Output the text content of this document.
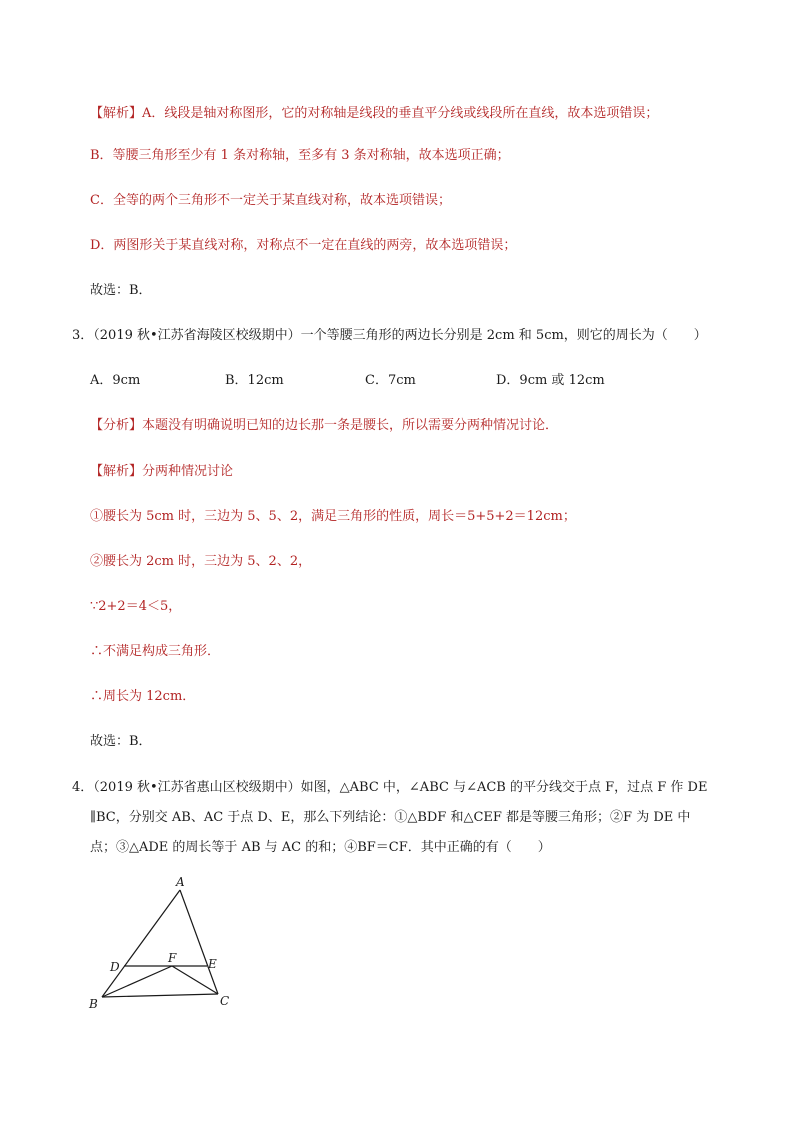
【解析】A．线段是轴对称图形，它的对称轴是线段的垂直平分线或线段所在直线，故本选项错误；
B．等腰三角形至少有 1 条对称轴，至多有 3 条对称轴，故本选项正确；
C．全等的两个三角形不一定关于某直线对称，故本选项错误；
D．两图形关于某直线对称，对称点不一定在直线的两旁，故本选项错误；
故选：B．
3．（2019 秋•江苏省海陵区校级期中）一个等腰三角形的两边长分别是 2cm 和 5cm，则它的周长为（　　）
A．9cm	B．12cm	C．7cm	D．9cm 或 12cm
【分析】本题没有明确说明已知的边长那一条是腰长，所以需要分两种情况讨论．
【解析】分两种情况讨论
①腰长为 5cm 时，三边为 5、5、2，满足三角形的性质，周长＝5+5+2＝12cm；
②腰长为 2cm 时，三边为 5、2、2，
∵2+2＝4＜5，
∴不满足构成三角形．
∴周长为 12cm．
故选：B．
4．（2019 秋•江苏省惠山区校级期中）如图，△ABC 中，∠ABC 与∠ACB 的平分线交于点 F，过点 F 作 DE
∥BC，分别交 AB、AC 于点 D、E，那么下列结论：①△BDF 和△CEF 都是等腰三角形；②F 为 DE 中
点；③△ADE 的周长等于 AB 与 AC 的和；④BF＝CF．其中正确的有（　　）
A
B	C
D	E
F
